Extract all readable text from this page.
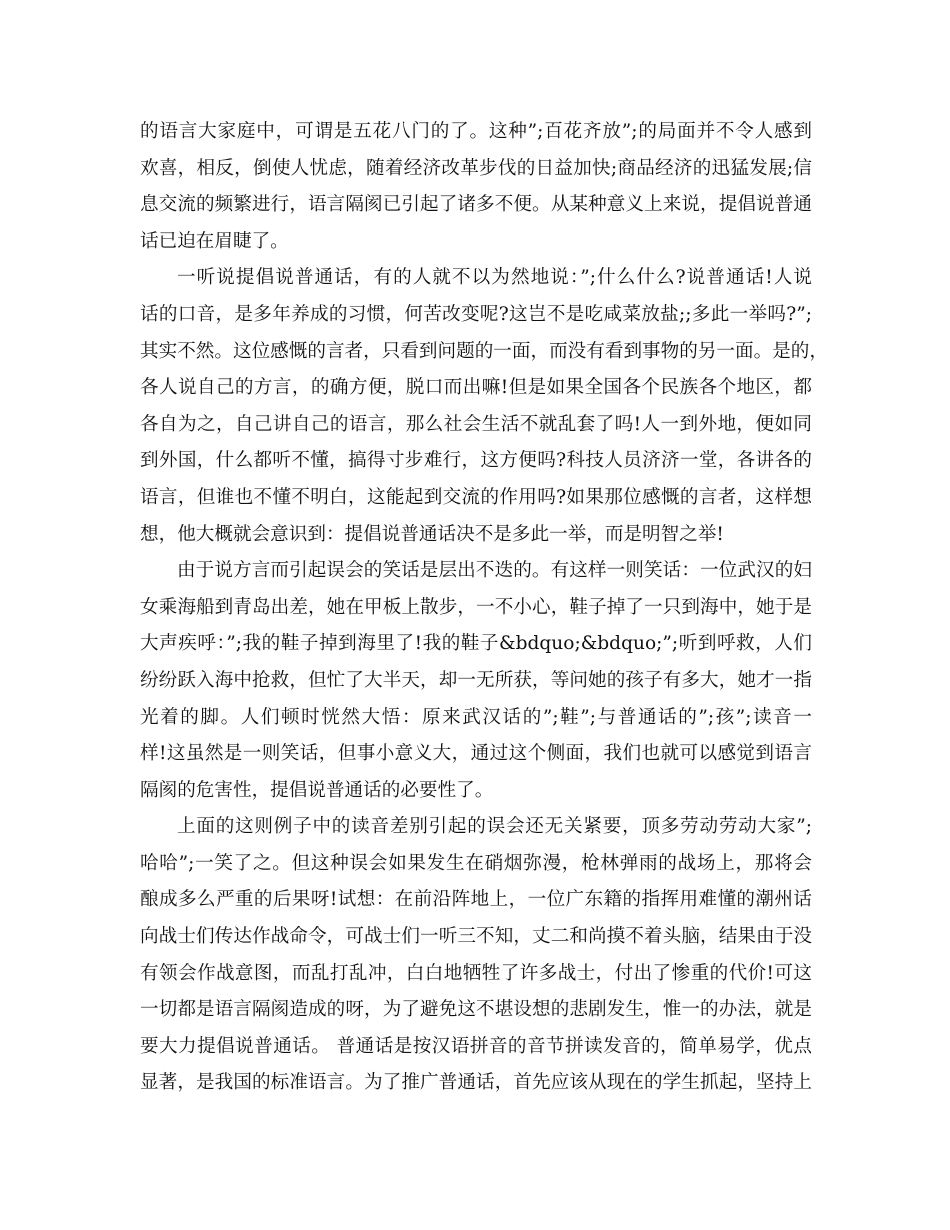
的语言大家庭中，可谓是五花八门的了。这种”;百花齐放”;的局面并不令人感到
欢喜，相反，倒使人忧虑，随着经济改革步伐的日益加快;商品经济的迅猛发展;信
息交流的频繁进行，语言隔阂已引起了诸多不便。从某种意义上来说，提倡说普通
话已迫在眉睫了。
一听说提倡说普通话，有的人就不以为然地说：”;什么什么?说普通话!人说
话的口音，是多年养成的习惯，何苦改变呢?这岂不是吃咸菜放盐;;多此一举吗?”;
其实不然。这位感慨的言者，只看到问题的一面，而没有看到事物的另一面。是的，
各人说自己的方言，的确方便，脱口而出嘛!但是如果全国各个民族各个地区，都
各自为之，自己讲自己的语言，那么社会生活不就乱套了吗!人一到外地，便如同
到外国，什么都听不懂，搞得寸步难行，这方便吗?科技人员济济一堂，各讲各的
语言，但谁也不懂不明白，这能起到交流的作用吗?如果那位感慨的言者，这样想
想，他大概就会意识到：提倡说普通话决不是多此一举，而是明智之举!
由于说方言而引起误会的笑话是层出不迭的。有这样一则笑话：一位武汉的妇
女乘海船到青岛出差，她在甲板上散步，一不小心，鞋子掉了一只到海中，她于是
大声疾呼：”;我的鞋子掉到海里了!我的鞋子&bdquo;&bdquo;”;听到呼救，人们
纷纷跃入海中抢救，但忙了大半天，却一无所获，等问她的孩子有多大，她才一指
光着的脚。人们顿时恍然大悟：原来武汉话的”;鞋”;与普通话的”;孩”;读音一
样!这虽然是一则笑话，但事小意义大，通过这个侧面，我们也就可以感觉到语言
隔阂的危害性，提倡说普通话的必要性了。
上面的这则例子中的读音差别引起的误会还无关紧要，顶多劳动劳动大家”;
哈哈”;一笑了之。但这种误会如果发生在硝烟弥漫，枪林弹雨的战场上，那将会
酿成多么严重的后果呀!试想：在前沿阵地上，一位广东籍的指挥用难懂的潮州话
向战士们传达作战命令，可战士们一听三不知，丈二和尚摸不着头脑，结果由于没
有领会作战意图，而乱打乱冲，白白地牺牲了许多战士，付出了惨重的代价!可这
一切都是语言隔阂造成的呀，为了避免这不堪设想的悲剧发生，惟一的办法，就是
要大力提倡说普通话。 普通话是按汉语拼音的音节拼读发音的，简单易学，优点
显著，是我国的标准语言。为了推广普通话，首先应该从现在的学生抓起，坚持上
